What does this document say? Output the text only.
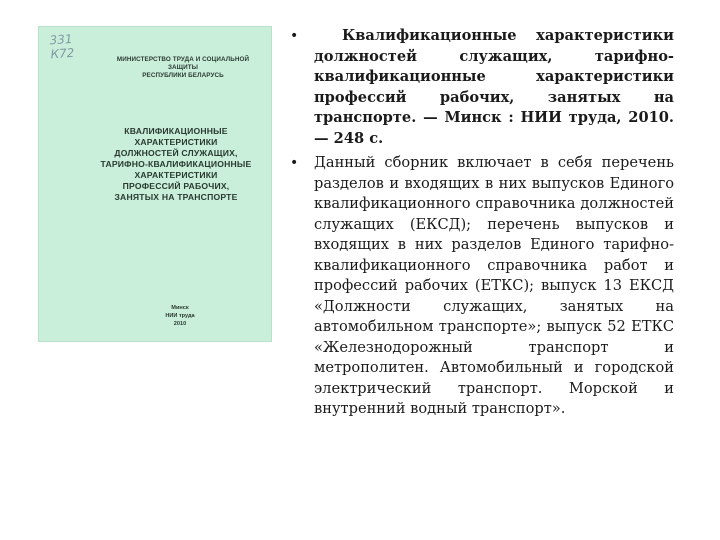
331
К72	МИНИСТЕРСТВО ТРУДА И СОЦИАЛЬНОЙ ЗАЩИТЫ
РЕСПУБЛИКИ БЕЛАРУСЬ
КВАЛИФИКАЦИОННЫЕ
ХАРАКТЕРИСТИКИ
ДОЛЖНОСТЕЙ СЛУЖАЩИХ,
ТАРИФНО-КВАЛИФИКАЦИОННЫЕ
ХАРАКТЕРИСТИКИ
ПРОФЕССИЙ РАБОЧИХ,
ЗАНЯТЫХ НА ТРАНСПОРТЕ
Минск
НИИ труда
2010
•	Квалификационные характеристики должностей служащих, тарифно-квалификационные характеристики профессий рабочих, занятых на транспорте. — Минск : НИИ труда, 2010. — 248 с.
• Данный сборник включает в себя перечень разделов и входящих в них выпусков Единого квалификационного справочника должностей служащих (ЕКСД); перечень выпусков и входящих в них разделов Единого тарифно-квалификационного справочника работ и профессий рабочих (ЕТКС); выпуск 13 ЕКСД «Должности служащих, занятых на автомобильном транспорте»; выпуск 52 ЕТКС «Железнодорожный транспорт и метрополитен. Автомобильный и городской электрический транспорт. Морской и внутренний водный транспорт».
